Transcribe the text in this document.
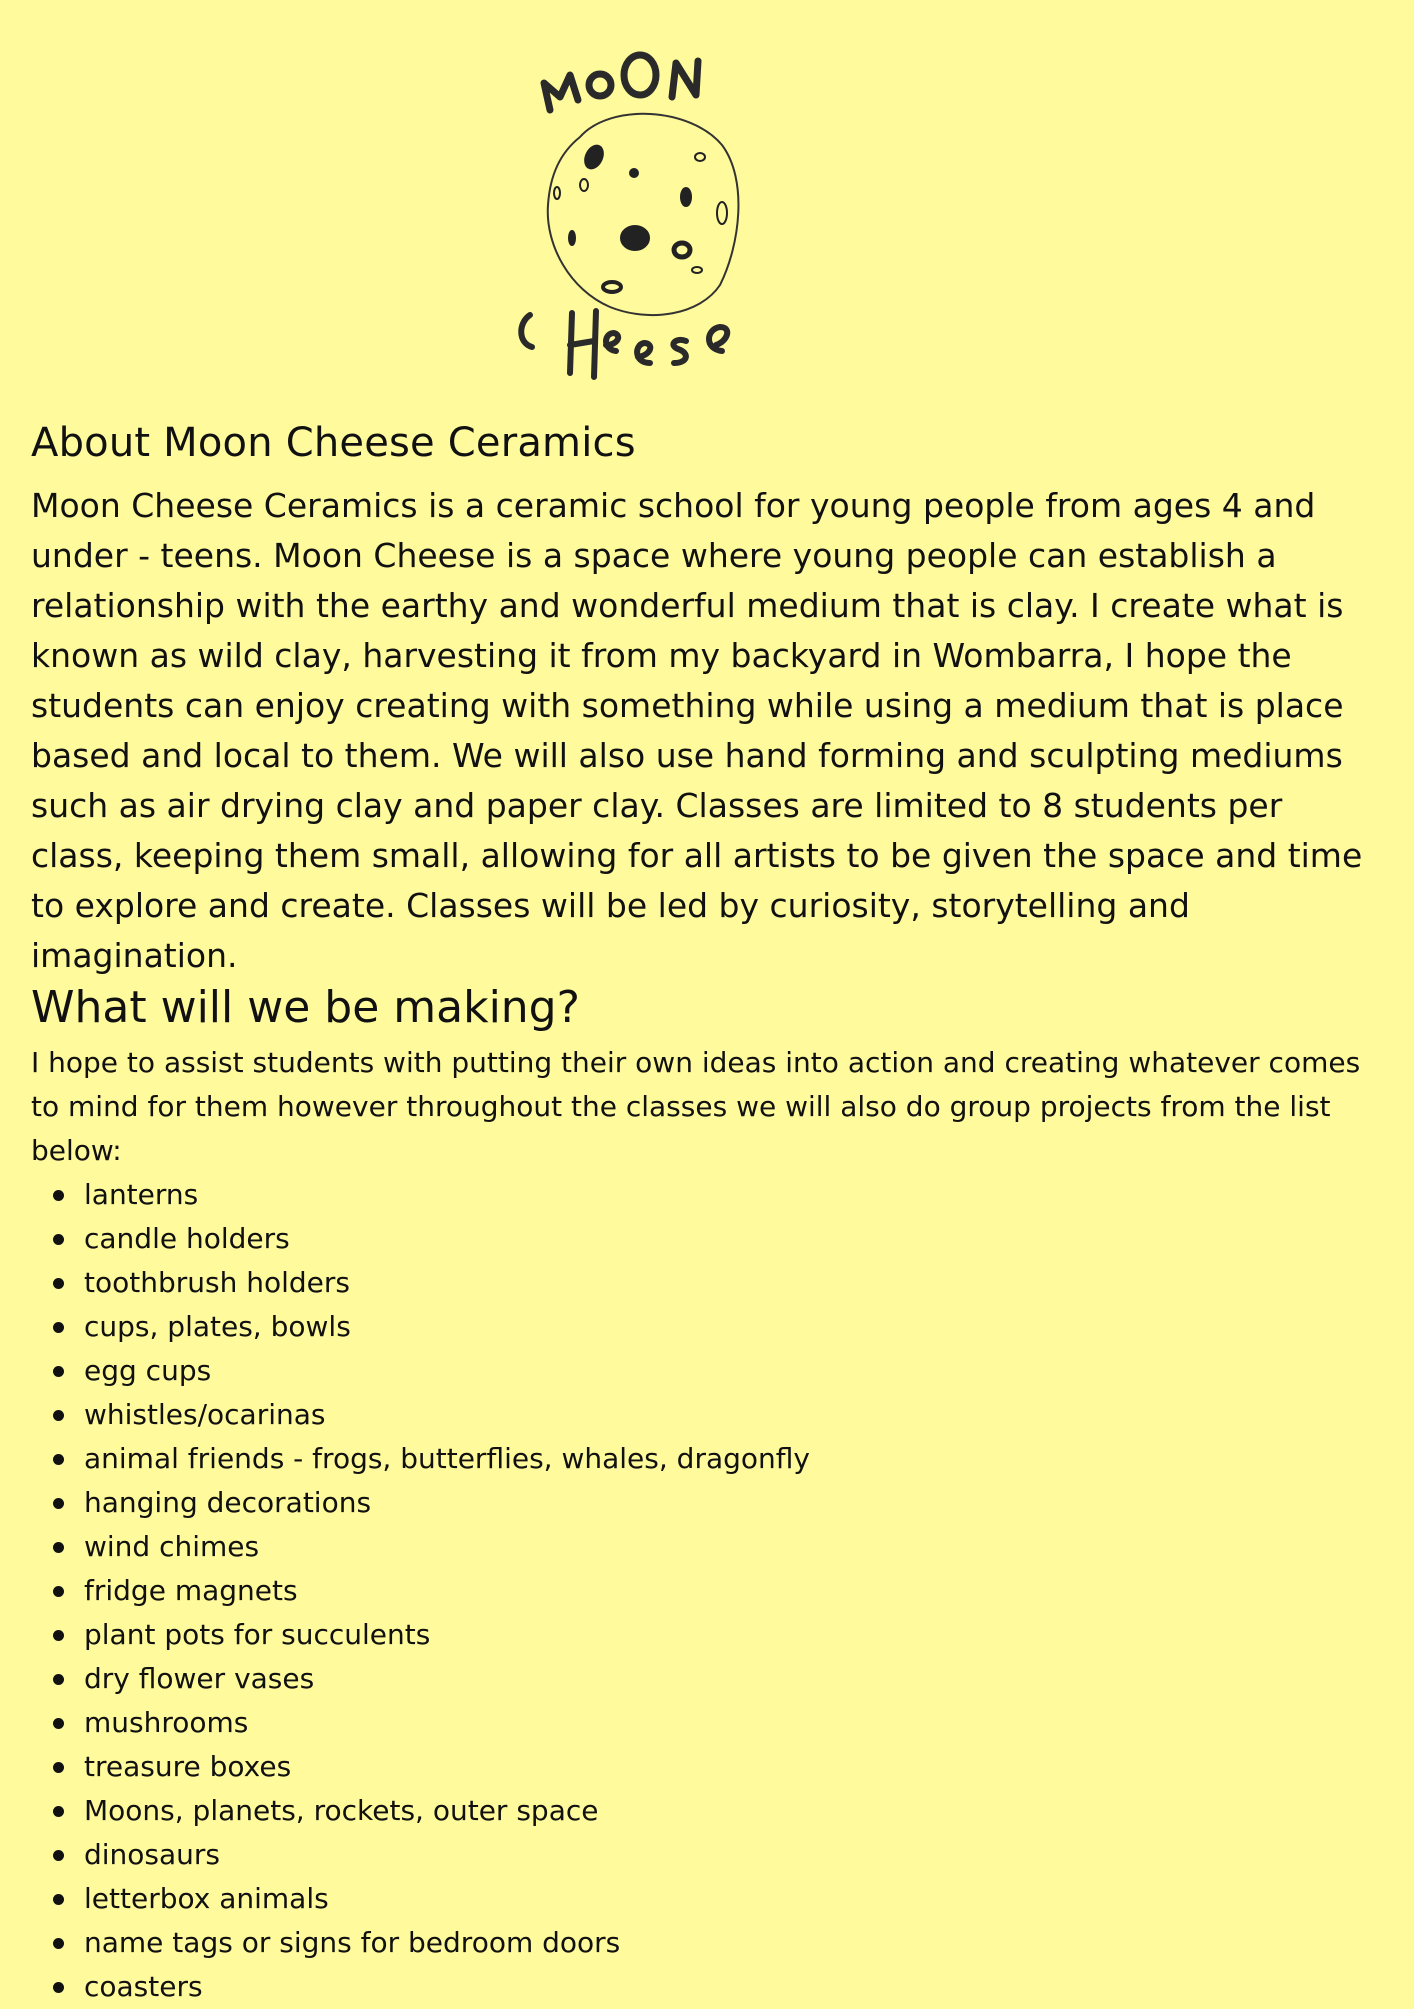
About Moon Cheese Ceramics

Moon Cheese Ceramics is a ceramic school for young people from ages 4 and under - teens. Moon Cheese is a space where young people can establish a relationship with the earthy and wonderful medium that is clay. I create what is known as wild clay, harvesting it from my backyard in Wombarra, I hope the students can enjoy creating with something while using a medium that is place based and local to them. We will also use hand forming and sculpting mediums such as air drying clay and paper clay. Classes are limited to 8 students per class, keeping them small, allowing for all artists to be given the space and time to explore and create. Classes will be led by curiosity, storytelling and imagination.

What will we be making?

I hope to assist students with putting their own ideas into action and creating whatever comes to mind for them however throughout the classes we will also do group projects from the list below:

lanterns
candle holders
toothbrush holders
cups, plates, bowls
egg cups
whistles/ocarinas
animal friends - frogs, butterflies, whales, dragonfly
hanging decorations
wind chimes
fridge magnets
plant pots for succulents
dry flower vases
mushrooms
treasure boxes
Moons, planets, rockets, outer space
dinosaurs
letterbox animals
name tags or signs for bedroom doors
coasters
